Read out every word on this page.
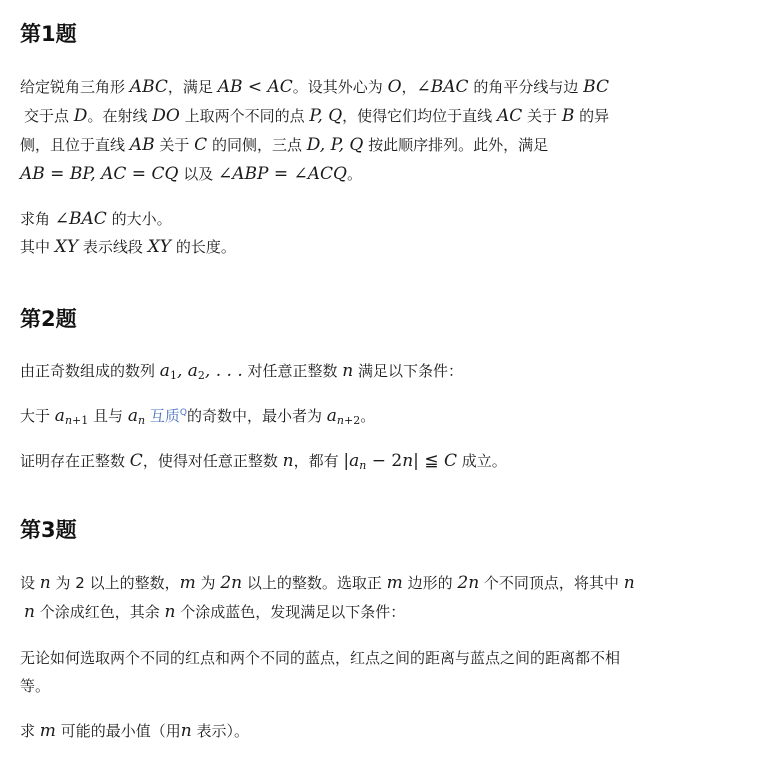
第1题
给定锐角三角形 ABC，满足 AB < AC。设其外心为 O，∠BAC 的角平分线与边 BC
交于点 D。在射线 DO 上取两个不同的点 P, Q，使得它们均位于直线 AC 关于 B 的异
侧，且位于直线 AB 关于 C 的同侧，三点 D, P, Q 按此顺序排列。此外，满足
AB = BP, AC = CQ 以及 ∠ABP = ∠ACQ。
求角 ∠BAC 的大小。
其中 XY 表示线段 XY 的长度。
第2题
由正奇数组成的数列 $a_1$, $a_2$, . . . 对任意正整数 n 满足以下条件：
大于 $a_{n+1}$ 且与 $a_n$ 互质$^Q$的奇数中，最小者为 $a_{n+2}$。
证明存在正整数 C，使得对任意正整数 n，都有 $|a_n - 2n|$ ≦ C 成立。
第3题
设 n 为 2 以上的整数，m 为 2n 以上的整数。选取正 m 边形的 2n 个不同顶点，将其中 n
n 个涂成红色，其余 n 个涂成蓝色，发现满足以下条件：
无论如何选取两个不同的红点和两个不同的蓝点，红点之间的距离与蓝点之间的距离都不相
等。
求 m 可能的最小值（用n 表示）。
